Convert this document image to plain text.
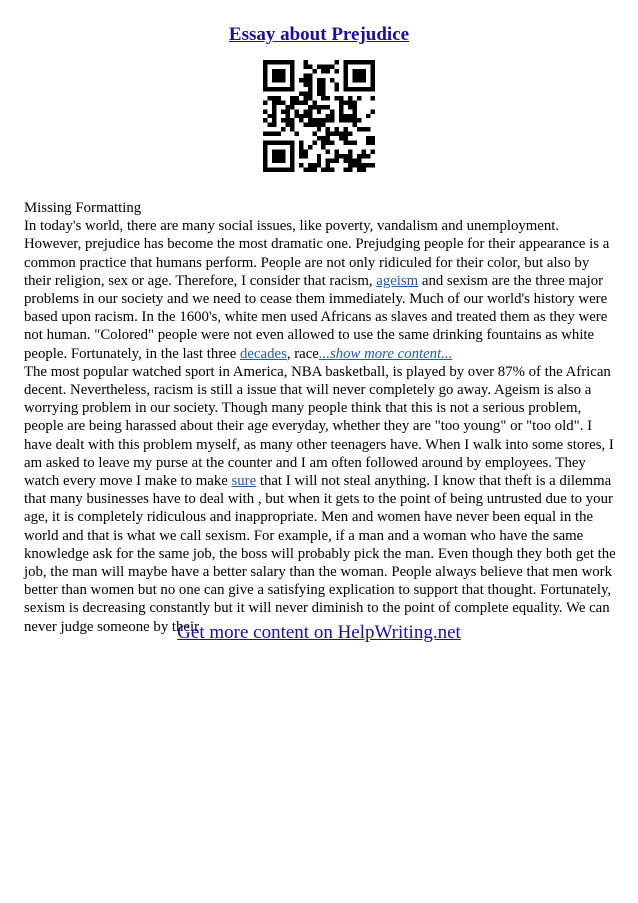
Essay about Prejudice

Missing Formatting

In today's world, there are many social issues, like poverty, vandalism and unemployment. However, prejudice has become the most dramatic one. Prejudging people for their appearance is a common practice that humans perform. People are not only ridiculed for their color, but also by their religion, sex or age. Therefore, I consider that racism, ageism and sexism are the three major problems in our society and we need to cease them immediately. Much of our world's history were based upon racism. In the 1600's, white men used Africans as slaves and treated them as they were not human. "Colored" people were not even allowed to use the same drinking fountains as white people. Fortunately, in the last three decades, race...show more content...

The most popular watched sport in America, NBA basketball, is played by over 87% of the African decent. Nevertheless, racism is still a issue that will never completely go away. Ageism is also a worrying problem in our society. Though many people think that this is not a serious problem, people are being harassed about their age everyday, whether they are "too young" or "too old". I have dealt with this problem myself, as many other teenagers have. When I walk into some stores, I am asked to leave my purse at the counter and I am often followed around by employees. They watch every move I make to make sure that I will not steal anything. I know that theft is a dilemma that many businesses have to deal with , but when it gets to the point of being untrusted due to your age, it is completely ridiculous and inappropriate. Men and women have never been equal in the world and that is what we call sexism. For example, if a man and a woman who have the same knowledge ask for the same job, the boss will probably pick the man. Even though they both get the job, the man will maybe have a better salary than the woman. People always believe that men work better than women but no one can give a satisfying explication to support that thought. Fortunately, sexism is decreasing constantly but it will never diminish to the point of complete equality. We can never judge someone by their

Get more content on HelpWriting.net
